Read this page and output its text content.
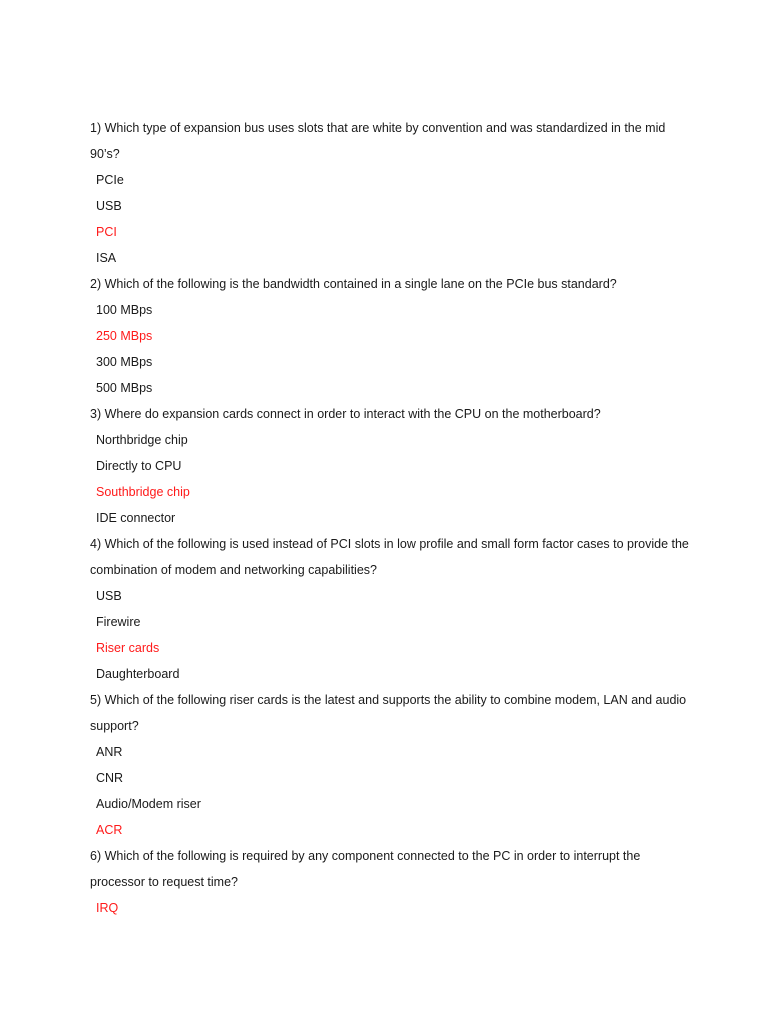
1) Which type of expansion bus uses slots that are white by convention and was standardized in the mid 90’s?

PCIe

USB

PCI

ISA

2) Which of the following is the bandwidth contained in a single lane on the PCIe bus standard?

100 MBps

250 MBps

300 MBps

500 MBps

3) Where do expansion cards connect in order to interact with the CPU on the motherboard?

Northbridge chip

Directly to CPU

Southbridge chip

IDE connector

4) Which of the following is used instead of PCI slots in low profile and small form factor cases to provide the combination of modem and networking capabilities?

USB

Firewire

Riser cards

Daughterboard

5) Which of the following riser cards is the latest and supports the ability to combine modem, LAN and audio support?

ANR

CNR

Audio/Modem riser

ACR

6) Which of the following is required by any component connected to the PC in order to interrupt the processor to request time?

IRQ
